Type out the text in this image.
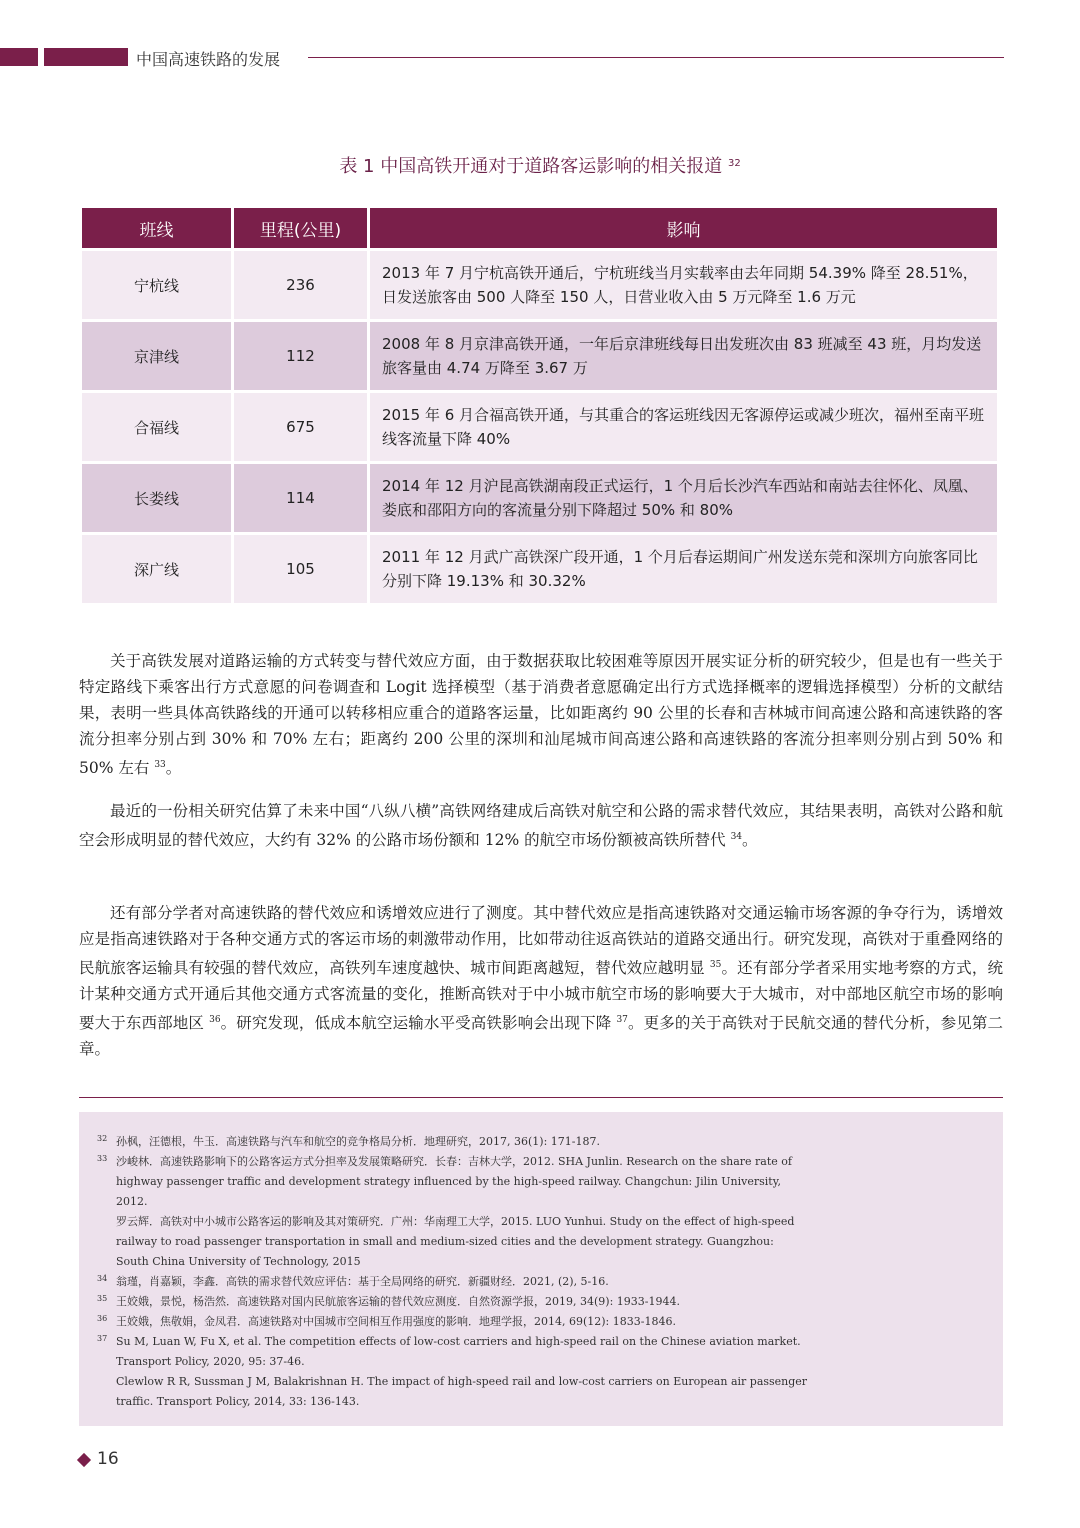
中国高速铁路的发展
表 1 中国高铁开通对于道路客运影响的相关报道 $^{32}$
班线	里程(公里)	影响
宁杭线	236	2013 年 7 月宁杭高铁开通后，宁杭班线当月实载率由去年同期 54.39% 降至 28.51%，日发送旅客由 500 人降至 150 人，日营业收入由 5 万元降至 1.6 万元
京津线	112	2008 年 8 月京津高铁开通，一年后京津班线每日出发班次由 83 班减至 43 班，月均发送旅客量由 4.74 万降至 3.67 万
合福线	675	2015 年 6 月合福高铁开通，与其重合的客运班线因无客源停运或减少班次，福州至南平班线客流量下降 40%
长娄线	114	2014 年 12 月沪昆高铁湖南段正式运行，1 个月后长沙汽车西站和南站去往怀化、凤凰、娄底和邵阳方向的客流量分别下降超过 50% 和 80%
深广线	105	2011 年 12 月武广高铁深广段开通，1 个月后春运期间广州发送东莞和深圳方向旅客同比分别下降 19.13% 和 30.32%

关于高铁发展对道路运输的方式转变与替代效应方面，由于数据获取比较困难等原因开展实证分析的研究较少，但是也有一些关于特定路线下乘客出行方式意愿的问卷调查和 Logit 选择模型（基于消费者意愿确定出行方式选择概率的逻辑选择模型）分析的文献结果，表明一些具体高铁路线的开通可以转移相应重合的道路客运量，比如距离约 90 公里的长春和吉林城市间高速公路和高速铁路的客流分担率分别占到 30% 和 70% 左右；距离约 200 公里的深圳和汕尾城市间高速公路和高速铁路的客流分担率则分别占到 50% 和 50% 左右 $^{33}$。

最近的一份相关研究估算了未来中国“八纵八横”高铁网络建成后高铁对航空和公路的需求替代效应，其结果表明，高铁对公路和航空会形成明显的替代效应，大约有 32% 的公路市场份额和 12% 的航空市场份额被高铁所替代 $^{34}$。

还有部分学者对高速铁路的替代效应和诱增效应进行了测度。其中替代效应是指高速铁路对交通运输市场客源的争夺行为，诱增效应是指高速铁路对于各种交通方式的客运市场的刺激带动作用，比如带动往返高铁站的道路交通出行。研究发现，高铁对于重叠网络的民航旅客运输具有较强的替代效应，高铁列车速度越快、城市间距离越短，替代效应越明显 $^{35}$。还有部分学者采用实地考察的方式，统计某种交通方式开通后其他交通方式客流量的变化，推断高铁对于中小城市航空市场的影响要大于大城市，对中部地区航空市场的影响要大于东西部地区 $^{36}$。研究发现，低成本航空运输水平受高铁影响会出现下降 $^{37}$。更多的关于高铁对于民航交通的替代分析，参见第二章。

32 孙枫，汪德根，牛玉．高速铁路与汽车和航空的竞争格局分析．地理研究，2017, 36(1): 171-187.
33 沙峻林．高速铁路影响下的公路客运方式分担率及发展策略研究．长春：吉林大学，2012. SHA Junlin. Research on the share rate of
highway passenger traffic and development strategy influenced by the high-speed railway. Changchun: Jilin University,
2012.
罗云辉．高铁对中小城市公路客运的影响及其对策研究．广州：华南理工大学，2015. LUO Yunhui. Study on the effect of high-speed
railway to road passenger transportation in small and medium-sized cities and the development strategy. Guangzhou:
South China University of Technology, 2015
34 翁瑾，肖嘉颖，李鑫．高铁的需求替代效应评估：基于全局网络的研究．新疆财经．2021, (2), 5-16.
35 王姣娥，景悦，杨浩然．高速铁路对国内民航旅客运输的替代效应测度．自然资源学报，2019, 34(9): 1933-1944.
36 王姣娥，焦敬娟，金凤君．高速铁路对中国城市空间相互作用强度的影响．地理学报，2014, 69(12): 1833-1846.
37 Su M, Luan W, Fu X, et al. The competition effects of low-cost carriers and high-speed rail on the Chinese aviation market.
Transport Policy, 2020, 95: 37-46.
Clewlow R R, Sussman J M, Balakrishnan H. The impact of high-speed rail and low-cost carriers on European air passenger
traffic. Transport Policy, 2014, 33: 136-143.
16
